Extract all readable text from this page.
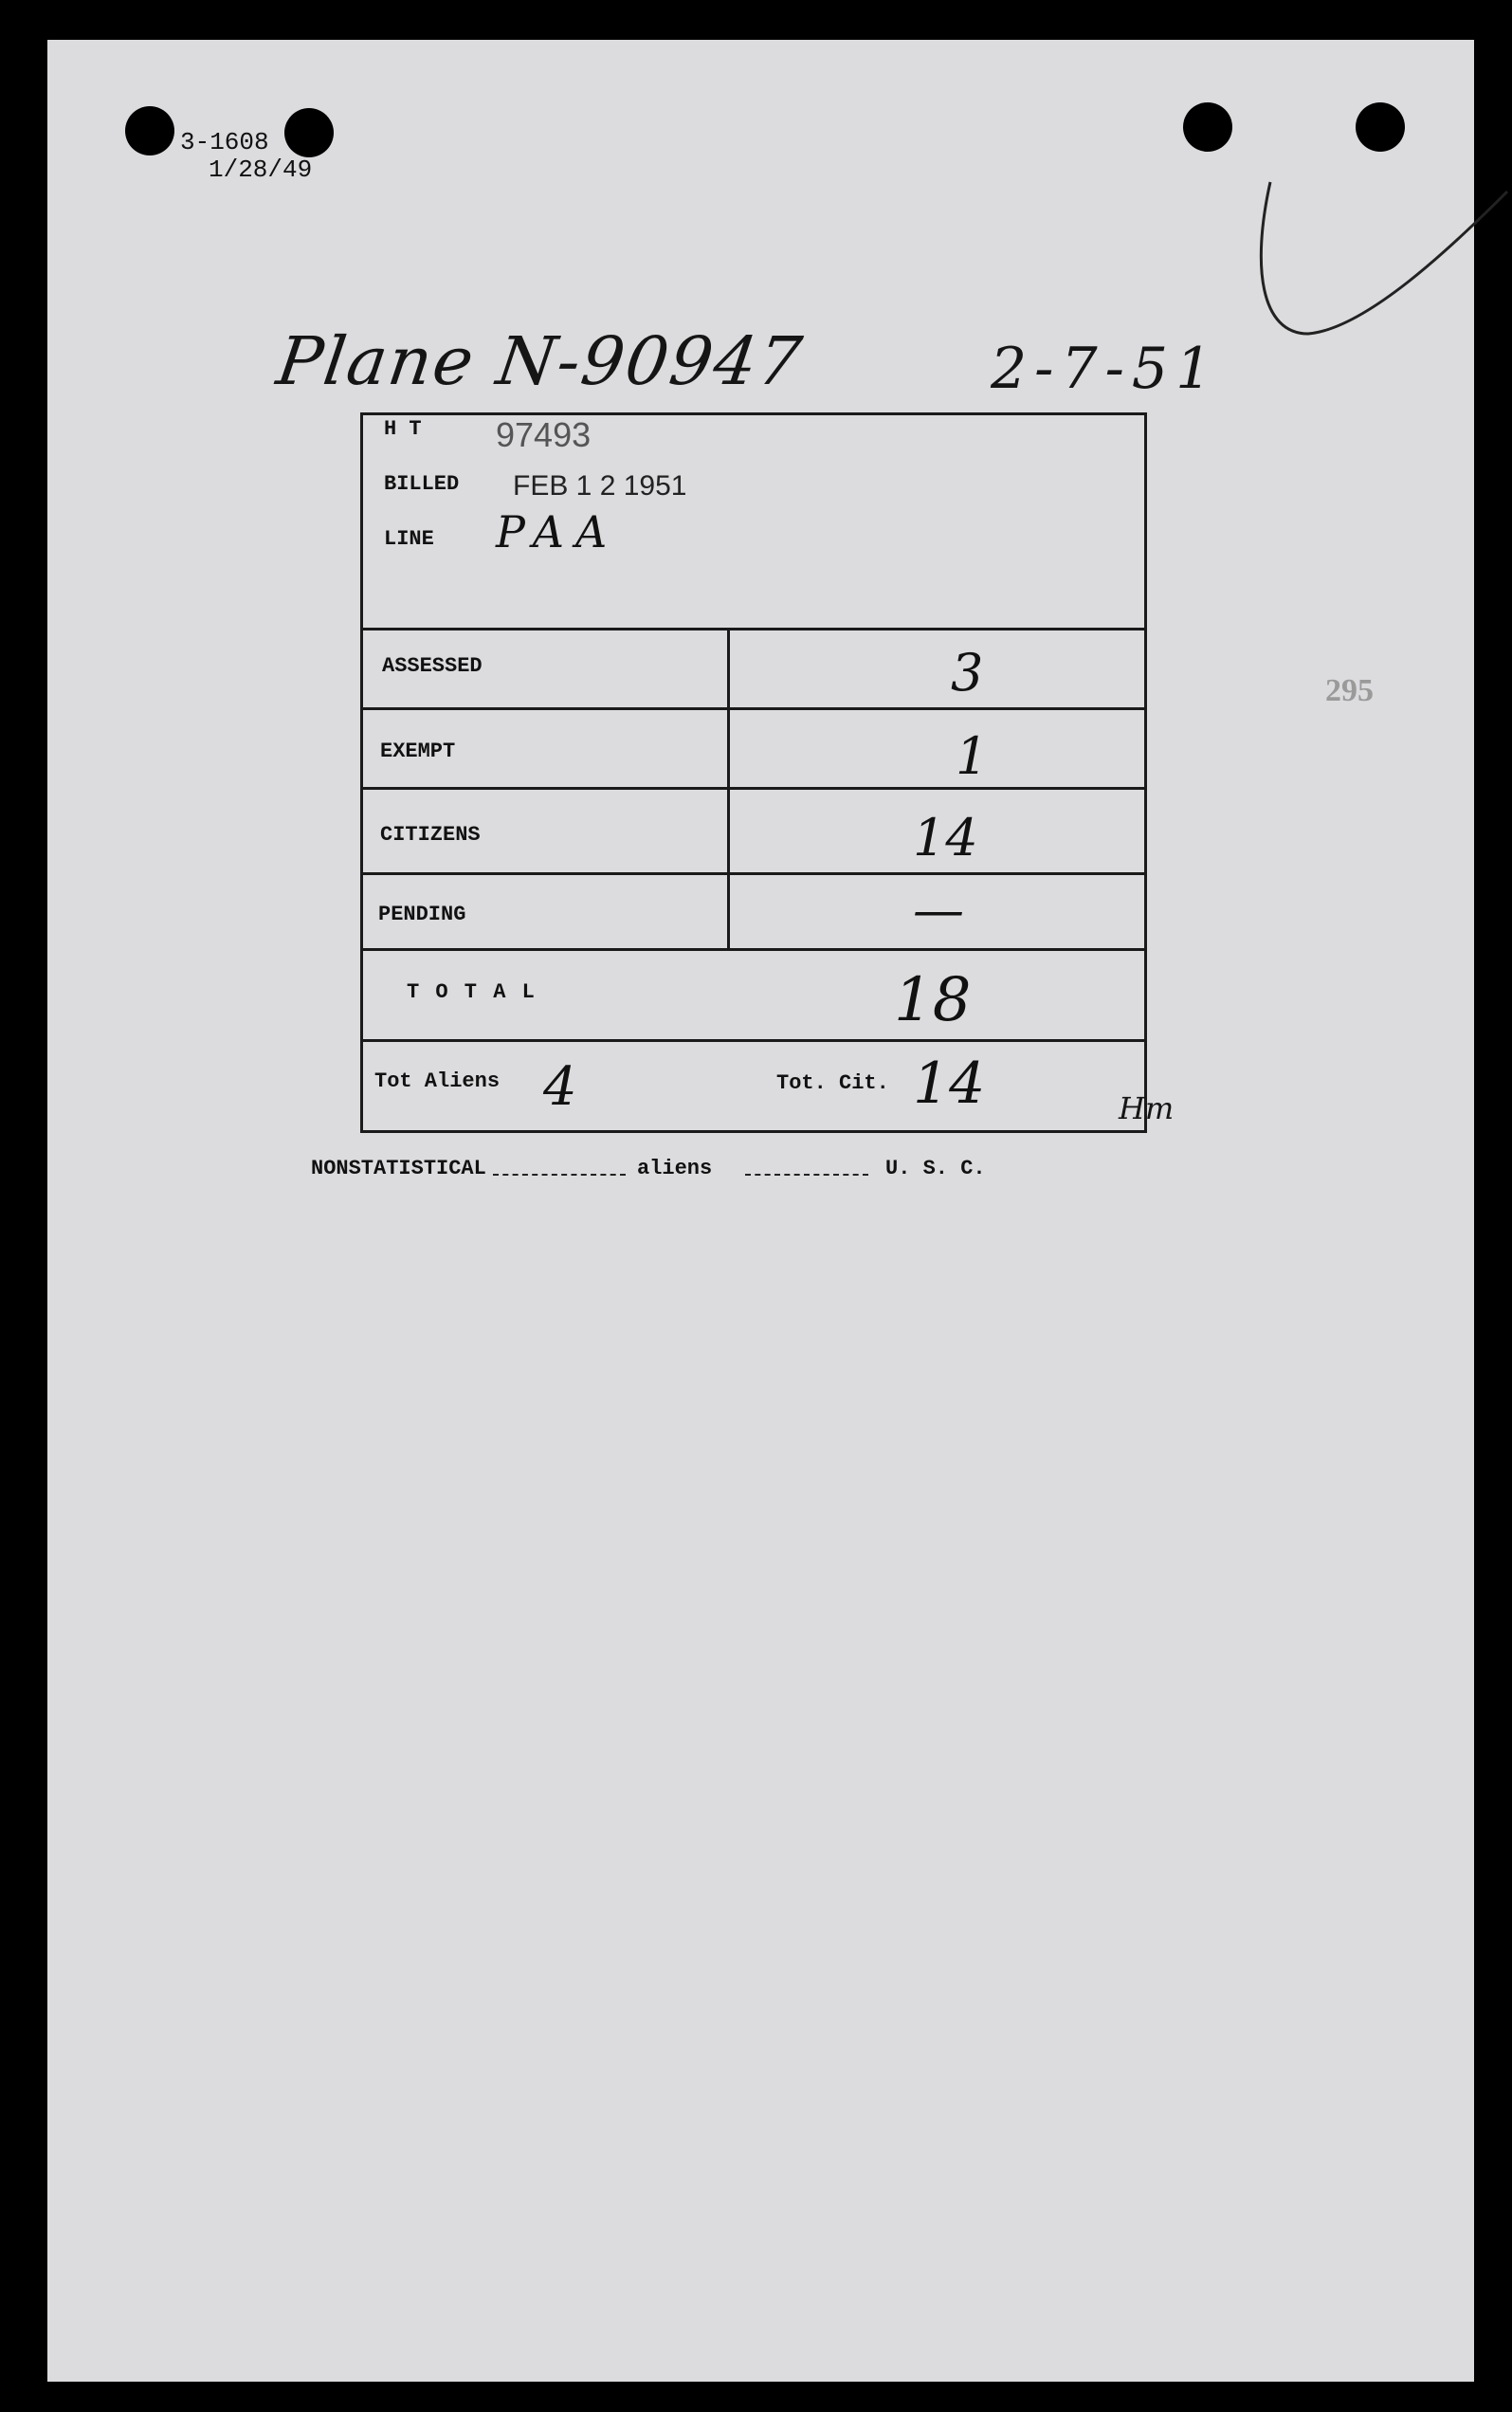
3-1608
1/28/49
Plane N-90947	2-7-51
295
H T 97493
BILLED FEB 1 2 1951
LINE PAA
ASSESSED	3
EXEMPT	1
CITIZENS	14
PENDING	—
T O T A L	18
Tot Aliens 4	Tot. Cit. 14	Hm
NONSTATISTICAL	aliens	U. S. C.
